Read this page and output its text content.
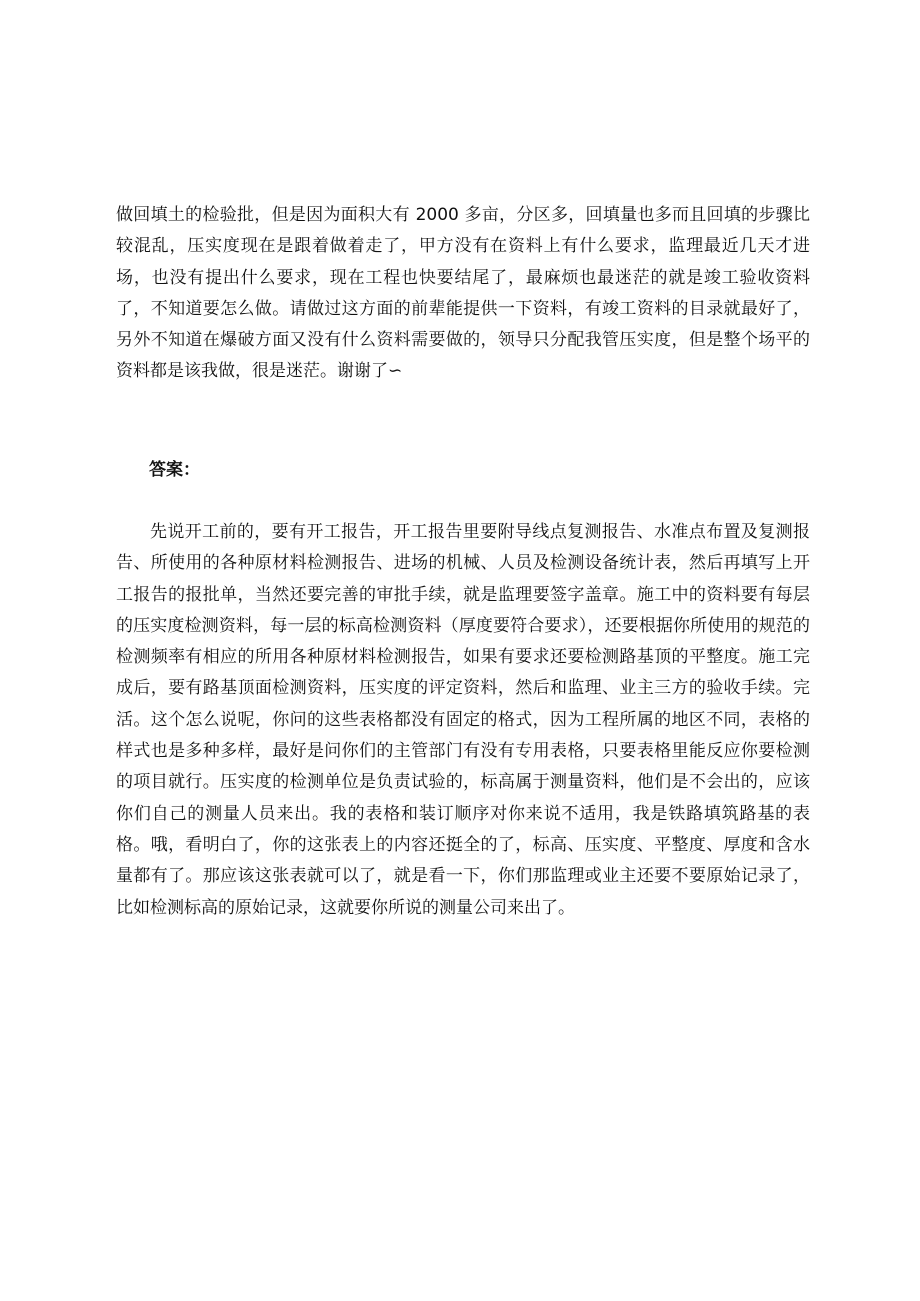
做回填土的检验批，但是因为面积大有 2000 多亩，分区多，回填量也多而且回填的步骤比较混乱，压实度现在是跟着做着走了，甲方没有在资料上有什么要求，监理最近几天才进场，也没有提出什么要求，现在工程也快要结尾了，最麻烦也最迷茫的就是竣工验收资料了，不知道要怎么做。请做过这方面的前辈能提供一下资料，有竣工资料的目录就最好了，另外不知道在爆破方面又没有什么资料需要做的，领导只分配我管压实度，但是整个场平的资料都是该我做，很是迷茫。谢谢了∽

答案：

先说开工前的，要有开工报告，开工报告里要附导线点复测报告、水准点布置及复测报告、所使用的各种原材料检测报告、进场的机械、人员及检测设备统计表，然后再填写上开工报告的报批单，当然还要完善的审批手续，就是监理要签字盖章。施工中的资料要有每层的压实度检测资料，每一层的标高检测资料（厚度要符合要求），还要根据你所使用的规范的检测频率有相应的所用各种原材料检测报告，如果有要求还要检测路基顶的平整度。施工完成后，要有路基顶面检测资料，压实度的评定资料，然后和监理、业主三方的验收手续。完活。这个怎么说呢，你问的这些表格都没有固定的格式，因为工程所属的地区不同，表格的样式也是多种多样，最好是问你们的主管部门有没有专用表格，只要表格里能反应你要检测的项目就行。压实度的检测单位是负责试验的，标高属于测量资料，他们是不会出的，应该你们自己的测量人员来出。我的表格和装订顺序对你来说不适用，我是铁路填筑路基的表格。哦，看明白了，你的这张表上的内容还挺全的了，标高、压实度、平整度、厚度和含水量都有了。那应该这张表就可以了，就是看一下，你们那监理或业主还要不要原始记录了，比如检测标高的原始记录，这就要你所说的测量公司来出了。
